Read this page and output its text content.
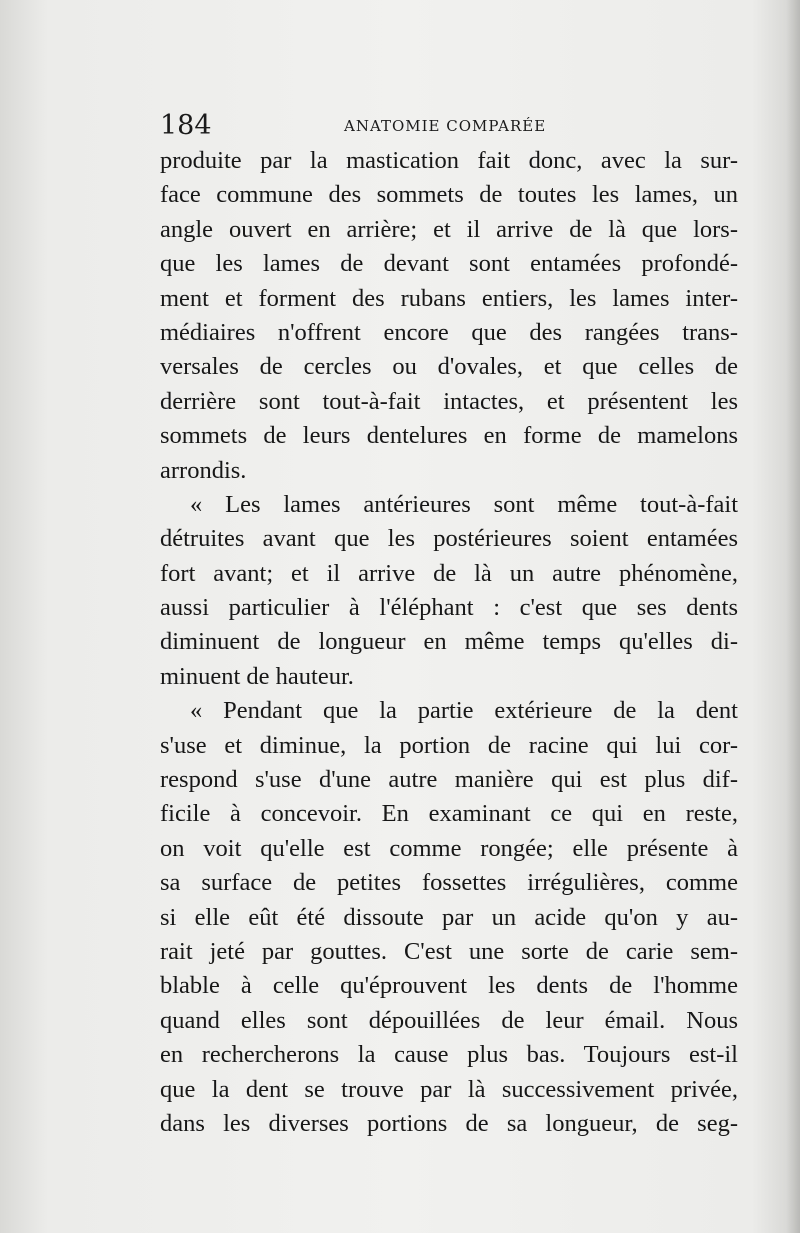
184	ANATOMIE COMPARÉE
produite par la mastication fait donc, avec la sur-
face commune des sommets de toutes les lames, un
angle ouvert en arrière; et il arrive de là que lors-
que les lames de devant sont entamées profondé-
ment et forment des rubans entiers, les lames inter-
médiaires n'offrent encore que des rangées trans-
versales de cercles ou d'ovales, et que celles de
derrière sont tout-à-fait intactes, et présentent les
sommets de leurs dentelures en forme de mamelons
arrondis.
« Les lames antérieures sont même tout-à-fait
détruites avant que les postérieures soient entamées
fort avant; et il arrive de là un autre phénomène,
aussi particulier à l'éléphant : c'est que ses dents
diminuent de longueur en même temps qu'elles di-
minuent de hauteur.
« Pendant que la partie extérieure de la dent
s'use et diminue, la portion de racine qui lui cor-
respond s'use d'une autre manière qui est plus dif-
ficile à concevoir. En examinant ce qui en reste,
on voit qu'elle est comme rongée; elle présente à
sa surface de petites fossettes irrégulières, comme
si elle eût été dissoute par un acide qu'on y au-
rait jeté par gouttes. C'est une sorte de carie sem-
blable à celle qu'éprouvent les dents de l'homme
quand elles sont dépouillées de leur émail. Nous
en rechercherons la cause plus bas. Toujours est-il
que la dent se trouve par là successivement privée,
dans les diverses portions de sa longueur, de seg-
